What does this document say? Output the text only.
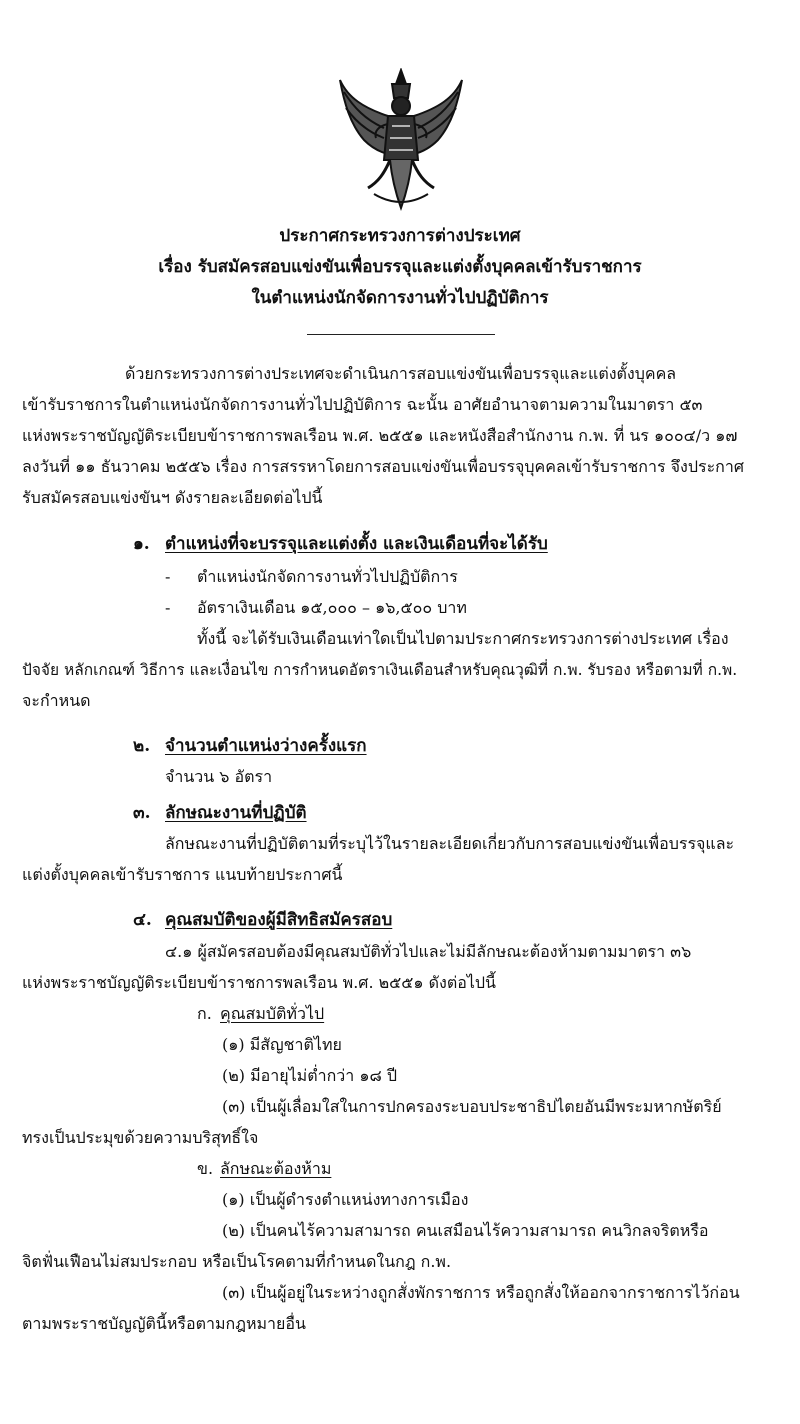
ประกาศกระทรวงการต่างประเทศ
เรื่อง รับสมัครสอบแข่งขันเพื่อบรรจุและแต่งตั้งบุคคลเข้ารับราชการ
ในตำแหน่งนักจัดการงานทั่วไปปฏิบัติการ
ด้วยกระทรวงการต่างประเทศจะดำเนินการสอบแข่งขันเพื่อบรรจุและแต่งตั้งบุคคล
เข้ารับราชการในตำแหน่งนักจัดการงานทั่วไปปฏิบัติการ ฉะนั้น อาศัยอำนาจตามความในมาตรา ๕๓
แห่งพระราชบัญญัติระเบียบข้าราชการพลเรือน พ.ศ. ๒๕๕๑ และหนังสือสำนักงาน ก.พ. ที่ นร ๑๐๐๔/ว ๑๗
ลงวันที่ ๑๑ ธันวาคม ๒๕๕๖ เรื่อง การสรรหาโดยการสอบแข่งขันเพื่อบรรจุบุคคลเข้ารับราชการ จึงประกาศ
รับสมัครสอบแข่งขันฯ ดังรายละเอียดต่อไปนี้
๑. ตำแหน่งที่จะบรรจุและแต่งตั้ง และเงินเดือนที่จะได้รับ
- ตำแหน่งนักจัดการงานทั่วไปปฏิบัติการ
- อัตราเงินเดือน ๑๕,๐๐๐ – ๑๖,๕๐๐ บาท
ทั้งนี้ จะได้รับเงินเดือนเท่าใดเป็นไปตามประกาศกระทรวงการต่างประเทศ เรื่อง
ปัจจัย หลักเกณฑ์ วิธีการ และเงื่อนไข การกำหนดอัตราเงินเดือนสำหรับคุณวุฒิที่ ก.พ. รับรอง หรือตามที่ ก.พ.
จะกำหนด
๒. จำนวนตำแหน่งว่างครั้งแรก
จำนวน ๖ อัตรา
๓. ลักษณะงานที่ปฏิบัติ
ลักษณะงานที่ปฏิบัติตามที่ระบุไว้ในรายละเอียดเกี่ยวกับการสอบแข่งขันเพื่อบรรจุและ
แต่งตั้งบุคคลเข้ารับราชการ แนบท้ายประกาศนี้
๔. คุณสมบัติของผู้มีสิทธิสมัครสอบ
๔.๑ ผู้สมัครสอบต้องมีคุณสมบัติทั่วไปและไม่มีลักษณะต้องห้ามตามมาตรา ๓๖
แห่งพระราชบัญญัติระเบียบข้าราชการพลเรือน พ.ศ. ๒๕๕๑ ดังต่อไปนี้
ก. คุณสมบัติทั่วไป
(๑) มีสัญชาติไทย
(๒) มีอายุไม่ต่ำกว่า ๑๘ ปี
(๓) เป็นผู้เลื่อมใสในการปกครองระบอบประชาธิปไตยอันมีพระมหากษัตริย์
ทรงเป็นประมุขด้วยความบริสุทธิ์ใจ
ข. ลักษณะต้องห้าม
(๑) เป็นผู้ดำรงตำแหน่งทางการเมือง
(๒) เป็นคนไร้ความสามารถ คนเสมือนไร้ความสามารถ คนวิกลจริตหรือ
จิตฟั่นเฟือนไม่สมประกอบ หรือเป็นโรคตามที่กำหนดในกฎ ก.พ.
(๓) เป็นผู้อยู่ในระหว่างถูกสั่งพักราชการ หรือถูกสั่งให้ออกจากราชการไว้ก่อน
ตามพระราชบัญญัตินี้หรือตามกฎหมายอื่น
